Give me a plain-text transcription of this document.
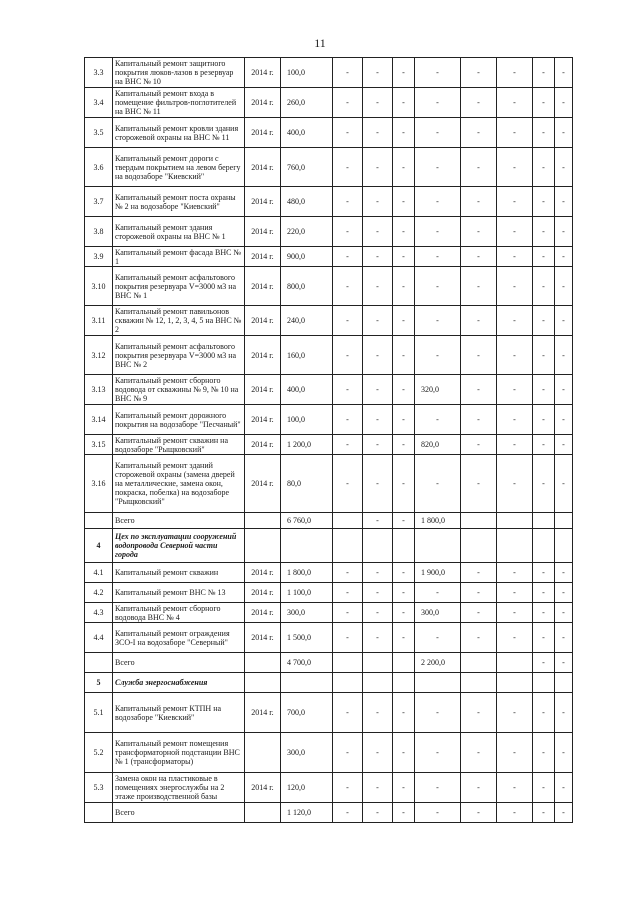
11
3.3	Капитальный ремонт защитного покрытия люков-лазов в резервуар на ВНС № 10	2014 г.	100,0	-	-	-	-	-	-	-	-
3.4	Капитальный ремонт входа в помещение фильтров-поглотителей на ВНС № 11	2014 г.	260,0	-	-	-	-	-	-	-	-
3.5	Капитальный ремонт кровли здания сторожевой охраны на ВНС № 11	2014 г.	400,0	-	-	-	-	-	-	-	-
3.6	Капитальный ремонт дороги с твердым покрытием на левом берегу на водозаборе "Киевский"	2014 г.	760,0	-	-	-	-	-	-	-	-
3.7	Капитальный ремонт поста охраны № 2 на водозаборе "Киевский"	2014 г.	480,0	-	-	-	-	-	-	-	-
3.8	Капитальный ремонт здания сторожевой охраны на ВНС № 1	2014 г.	220,0	-	-	-	-	-	-	-	-
3.9	Капитальный ремонт фасада ВНС № 1	2014 г.	900,0	-	-	-	-	-	-	-	-
3.10	Капитальный ремонт асфальтового покрытия резервуара V=3000 м3 на ВНС № 1	2014 г.	800,0	-	-	-	-	-	-	-	-
3.11	Капитальный ремонт павильонов скважин № 12, 1, 2, 3, 4, 5 на ВНС № 2	2014 г.	240,0	-	-	-	-	-	-	-	-
3.12	Капитальный ремонт асфальтового покрытия резервуара V=3000 м3 на ВНС № 2	2014 г.	160,0	-	-	-	-	-	-	-	-
3.13	Капитальный ремонт сборного водовода от скважины № 9, № 10 на ВНС № 9	2014 г.	400,0	-	-	-	320,0	-	-	-	-
3.14	Капитальный ремонт дорожного покрытия на водозаборе "Песчаный"	2014 г.	100,0	-	-	-	-	-	-	-	-
3.15	Капитальный ремонт скважин на водозаборе "Рыщковский"	2014 г.	1 200,0	-	-	-	820,0	-	-	-	-
3.16	Капитальный ремонт зданий сторожевой охраны (замена дверей на металлические, замена окон, покраска, побелка) на водозаборе "Рыщковский"	2014 г.	80,0	-	-	-	-	-	-	-	-
	Всего		6 760,0		-	-	1 800,0				
4	Цех по эксплуатации сооружений водопровода Северной части города										
4.1	Капитальный ремонт скважин	2014 г.	1 800,0	-	-	-	1 900,0	-	-	-	-
4.2	Капитальный ремонт ВНС № 13	2014 г.	1 100,0	-	-	-	-	-	-	-	-
4.3	Капитальный ремонт сборного водовода ВНС № 4	2014 г.	300,0	-	-	-	300,0	-	-	-	-
4.4	Капитальный ремонт ограждения ЗСО-I на водозаборе "Северный"	2014 г.	1 500,0	-	-	-	-	-	-	-	-
	Всего		4 700,0				2 200,0			-	-
5	Служба энергоснабжения										
5.1	Капитальный ремонт КТПН на водозаборе "Киевский"	2014 г.	700,0	-	-	-	-	-	-	-	-
5.2	Капитальный ремонт помещения трансформаторной подстанции ВНС № 1 (трансформаторы)		300,0	-	-	-	-	-	-	-	-
5.3	Замена окон на пластиковые в помещениях энергослужбы на 2 этаже производственной базы	2014 г.	120,0	-	-	-	-	-	-	-	-
	Всего		1 120,0	-	-	-	-	-	-	-	-
